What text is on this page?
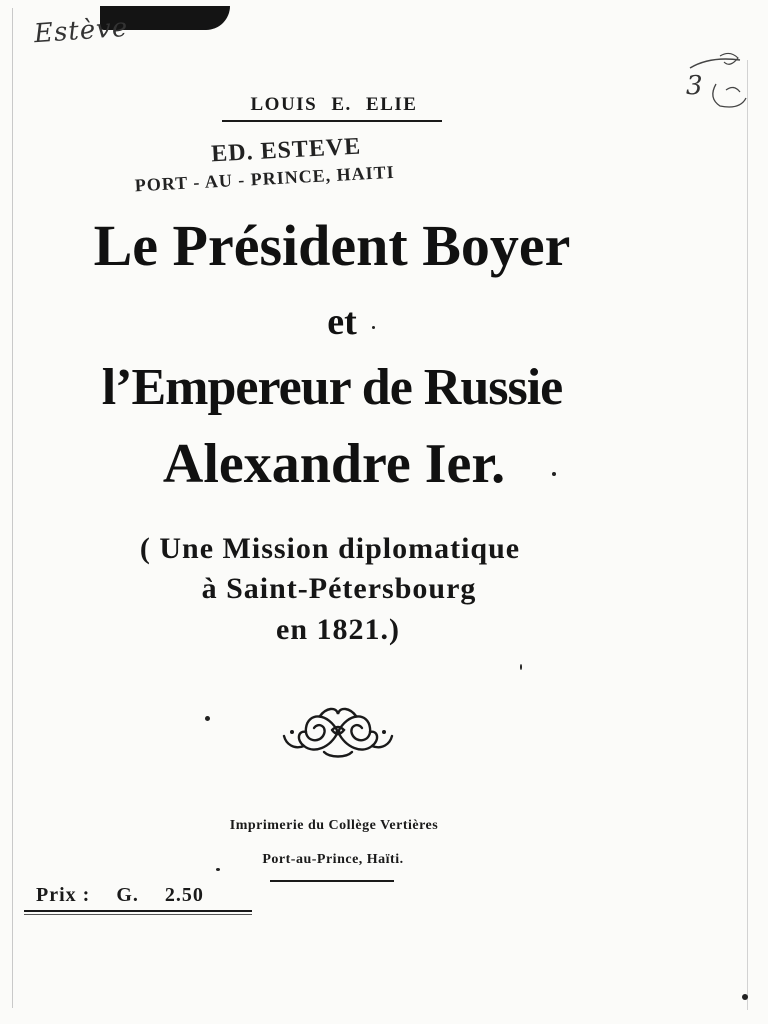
Estève
3
LOUIS E. ELIE
ED. ESTEVE
PORT - AU - PRINCE, HAITI
Le Président Boyer
et
l’Empereur de Russie
Alexandre Ier.
( Une Mission diplomatique
à Saint-Pétersbourg
en 1821.)
Imprimerie du Collège Vertières
Port-au-Prince, Haïti.
Prix : G. 2.50
